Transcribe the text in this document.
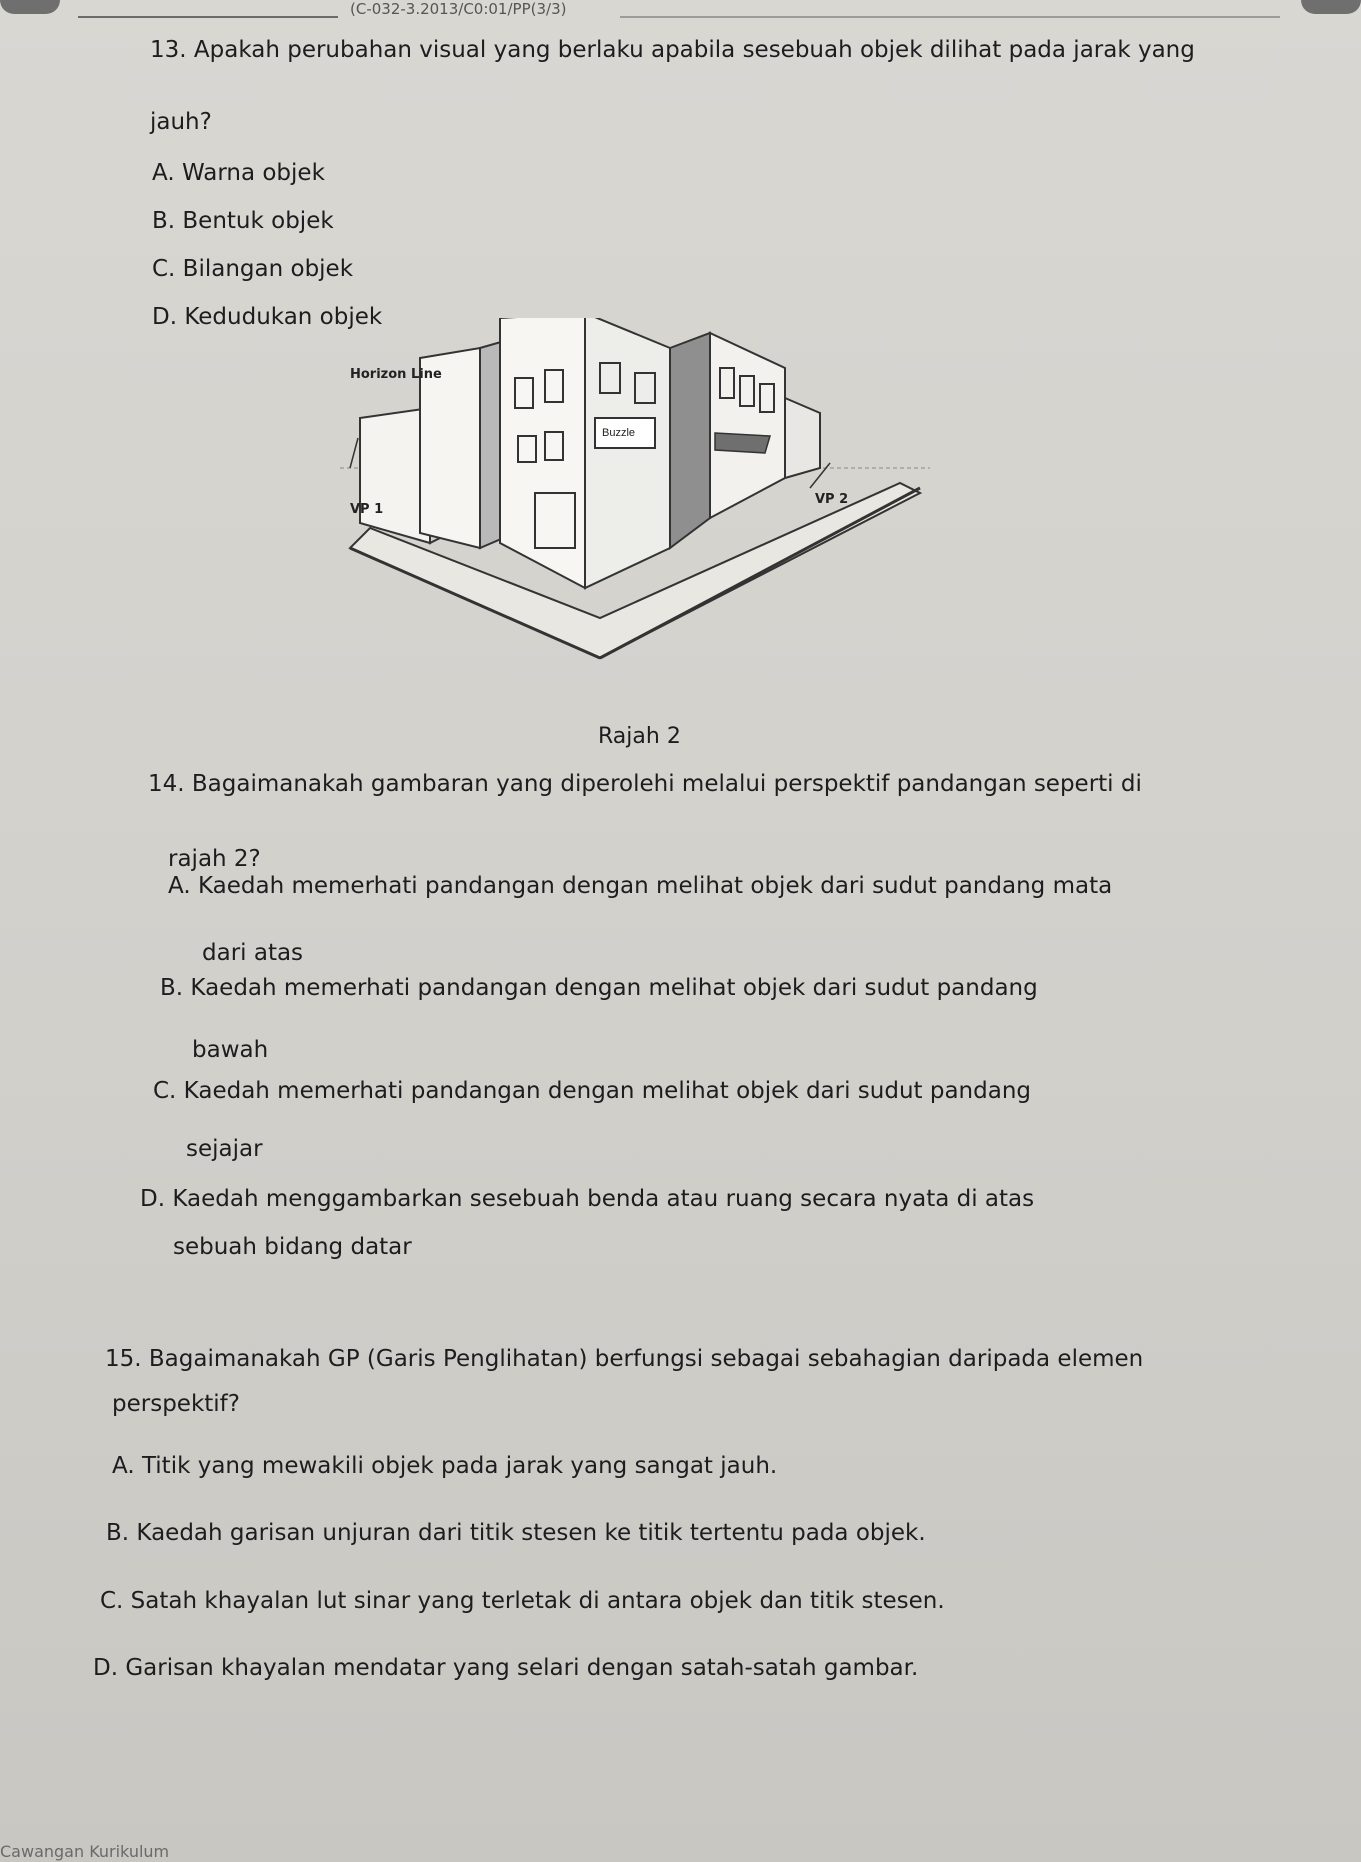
(C-032-3.2013/C0:01/PP(3/3)
13. Apakah perubahan visual yang berlaku apabila sesebuah objek dilihat pada jarak yang
jauh?
A. Warna objek
B. Bentuk objek
C. Bilangan objek
D. Kedudukan objek
Buzzle
Horizon Line
VP 2
VP 1
Rajah 2
14. Bagaimanakah gambaran yang diperolehi melalui perspektif pandangan seperti di
rajah 2?
A. Kaedah memerhati pandangan dengan melihat objek dari sudut pandang mata
dari atas
B. Kaedah memerhati pandangan dengan melihat objek dari sudut pandang
bawah
C. Kaedah memerhati pandangan dengan melihat objek dari sudut pandang
sejajar
D. Kaedah menggambarkan sesebuah benda atau ruang secara nyata di atas
sebuah bidang datar
15. Bagaimanakah GP (Garis Penglihatan) berfungsi sebagai sebahagian daripada elemen
perspektif?
A. Titik yang mewakili objek pada jarak yang sangat jauh.
B. Kaedah garisan unjuran dari titik stesen ke titik tertentu pada objek.
C. Satah khayalan lut sinar yang terletak di antara objek dan titik stesen.
D. Garisan khayalan mendatar yang selari dengan satah-satah gambar.
Cawangan Kurikulum
